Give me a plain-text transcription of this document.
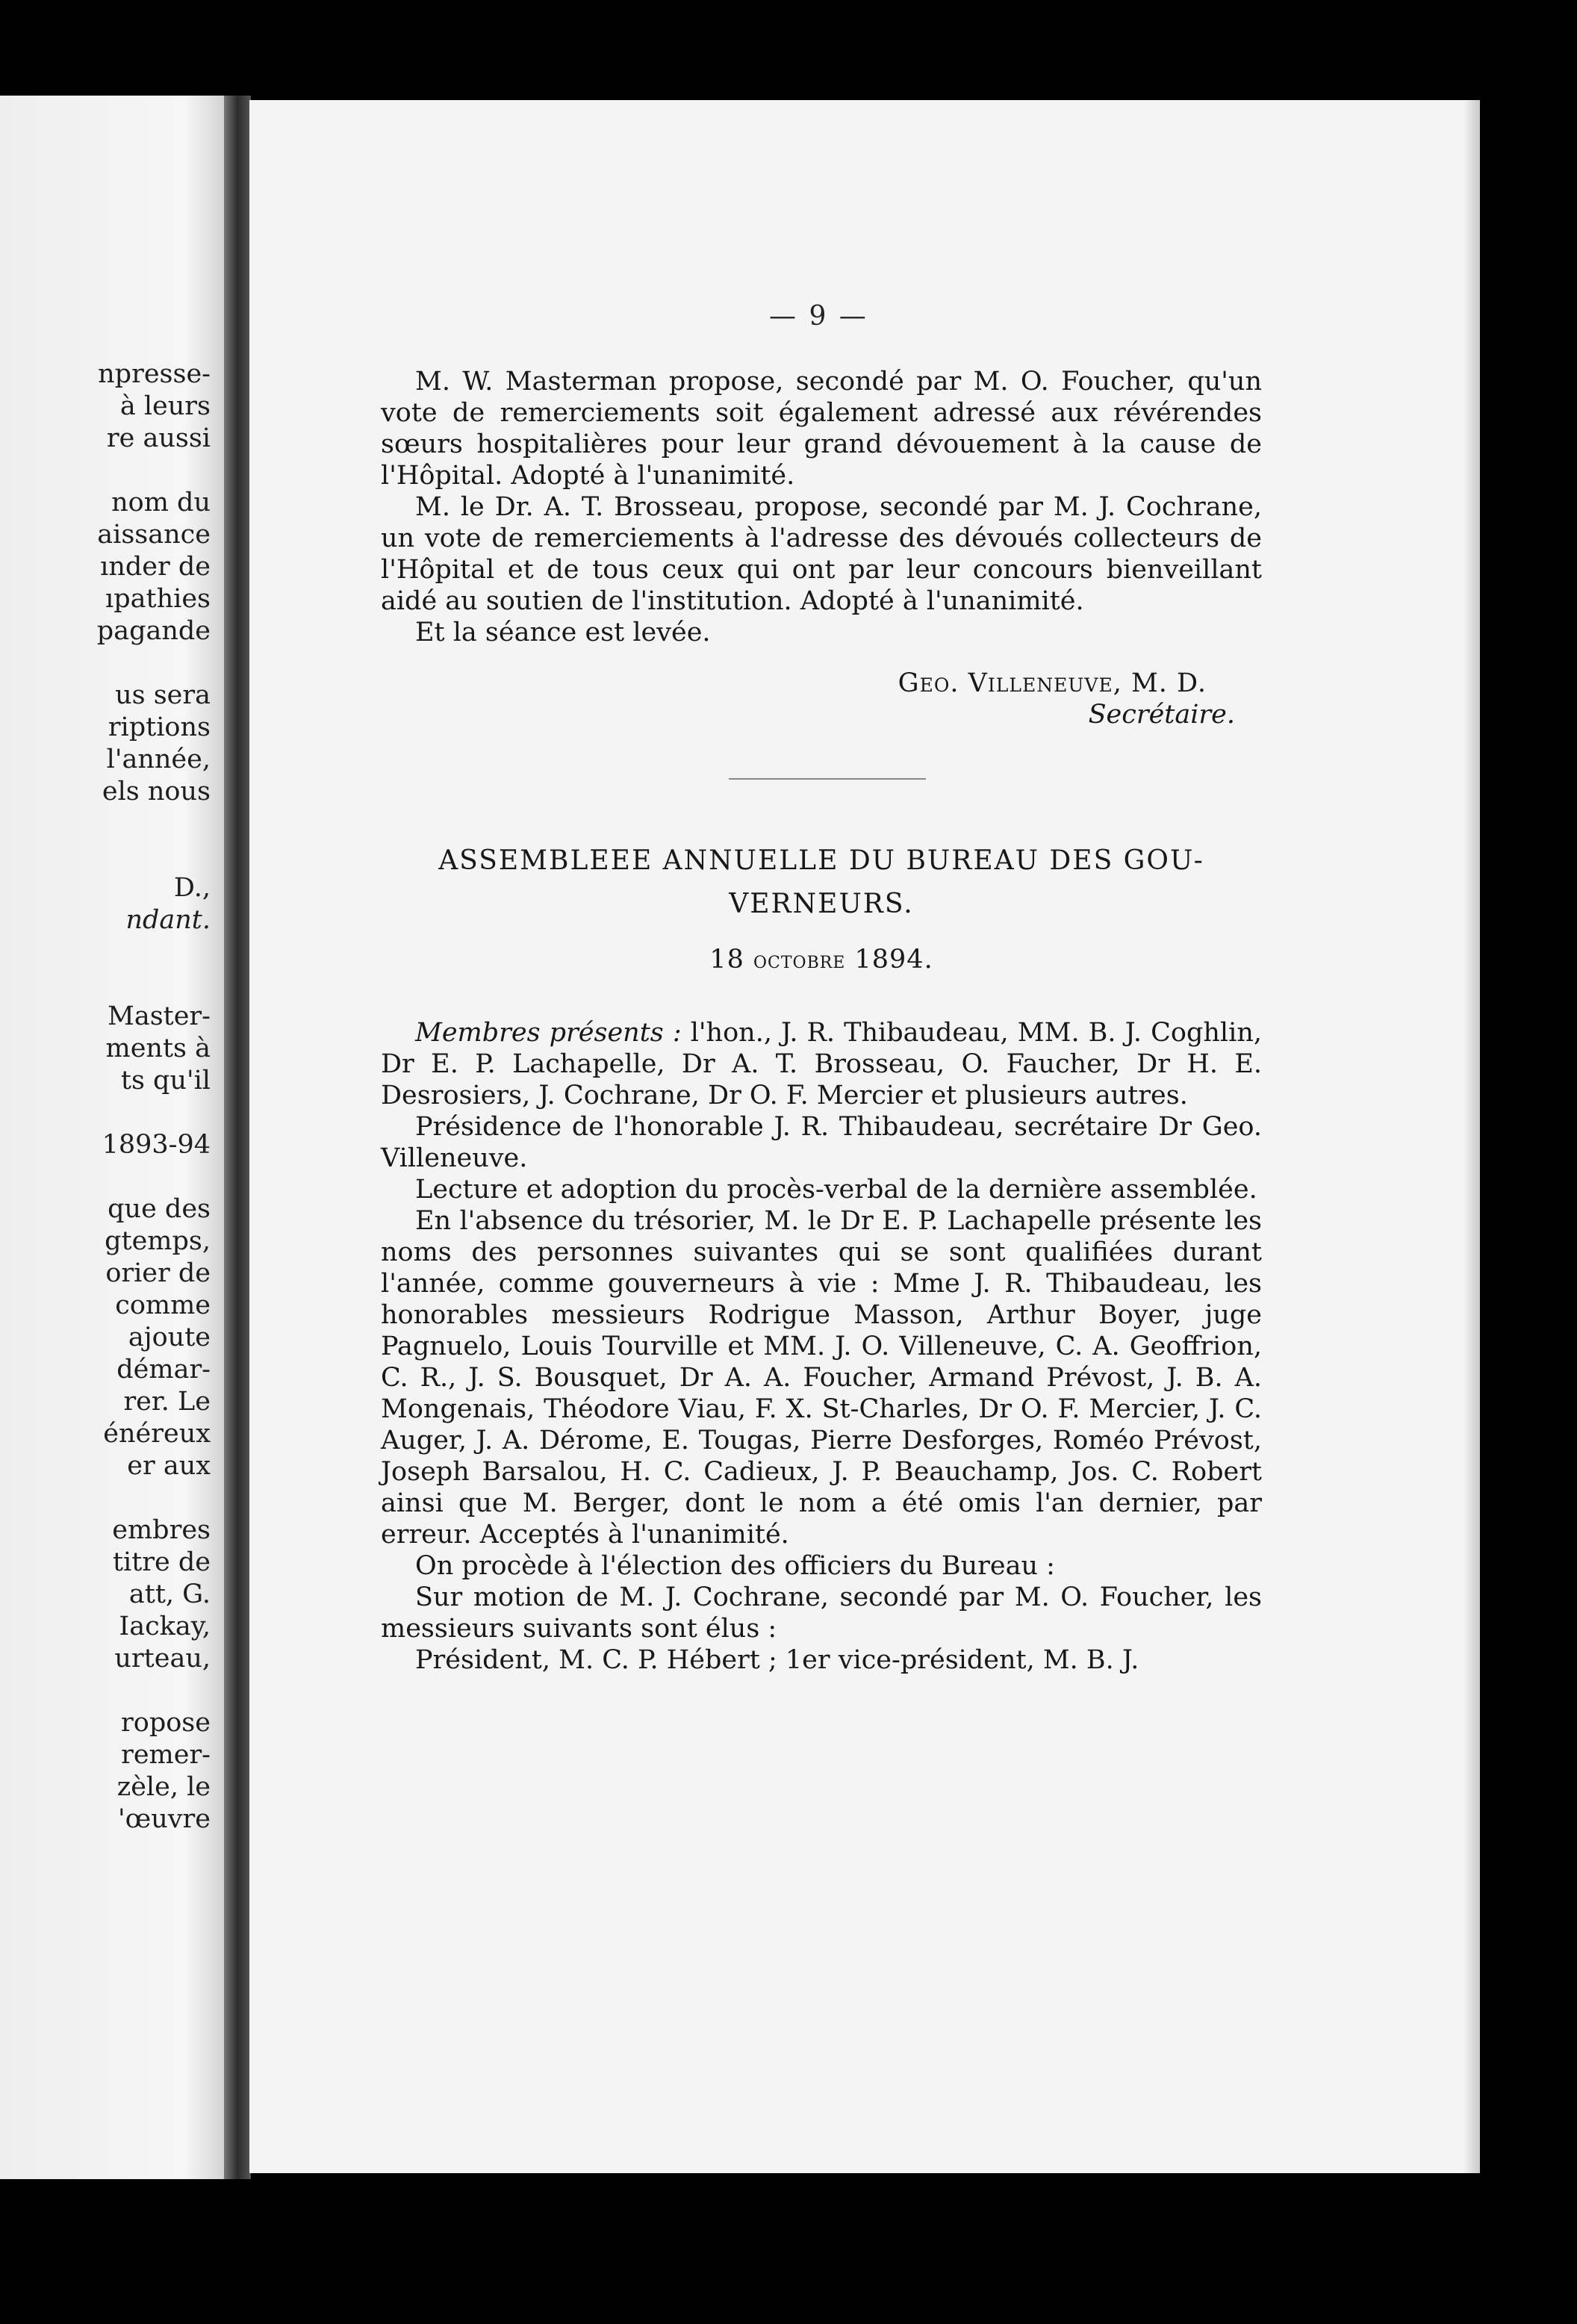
npresse-
à leurs
re aussi
nom du
aissance
ınder de
ıpathies
pagande
us sera
riptions
l'année,
els nous
D.,
ndant.
Master-
ments à
ts qu'il
1893-94
que des
gtemps,
orier de
comme
ajoute
démar-
rer. Le
énéreux
er aux
embres
titre de
att, G.
Iackay,
urteau,
ropose
remer-
zèle, le
'œuvre
— 9 —

M. W. Masterman propose, secondé par M. O. Foucher, qu'un vote de remerciements soit également adressé aux révérendes sœurs hospitalières pour leur grand dévouement à la cause de l'Hôpital. Adopté à l'unanimité.

M. le Dr. A. T. Brosseau, propose, secondé par M. J. Cochrane, un vote de remerciements à l'adresse des dévoués collecteurs de l'Hôpital et de tous ceux qui ont par leur concours bienveillant aidé au soutien de l'institution. Adopté à l'unanimité.

Et la séance est levée.

Geo. Villeneuve, M. D.
Secrétaire.
ASSEMBLEEE ANNUELLE DU BUREAU DES GOU-
VERNEURS.
18 octobre 1894.

Membres présents : l'hon., J. R. Thibaudeau, MM. B. J. Coghlin, Dr E. P. Lachapelle, Dr A. T. Brosseau, O. Faucher, Dr H. E. Desrosiers, J. Cochrane, Dr O. F. Mercier et plusieurs autres.

Présidence de l'honorable J. R. Thibaudeau, secrétaire Dr Geo. Villeneuve.

Lecture et adoption du procès-verbal de la dernière assemblée.

En l'absence du trésorier, M. le Dr E. P. Lachapelle présente les noms des personnes suivantes qui se sont qualifiées durant l'année, comme gouverneurs à vie : Mme J. R. Thibaudeau, les honorables messieurs Rodrigue Masson, Arthur Boyer, juge Pagnuelo, Louis Tourville et MM. J. O. Villeneuve, C. A. Geoffrion, C. R., J. S. Bousquet, Dr A. A. Foucher, Armand Prévost, J. B. A. Mongenais, Théodore Viau, F. X. St-Charles, Dr O. F. Mercier, J. C. Auger, J. A. Dérome, E. Tougas, Pierre Desforges, Roméo Prévost, Joseph Barsalou, H. C. Cadieux, J. P. Beauchamp, Jos. C. Robert ainsi que M. Berger, dont le nom a été omis l'an dernier, par erreur. Acceptés à l'unanimité.

On procède à l'élection des officiers du Bureau :

Sur motion de M. J. Cochrane, secondé par M. O. Foucher, les messieurs suivants sont élus :

Président, M. C. P. Hébert ; 1er vice-président, M. B. J.
